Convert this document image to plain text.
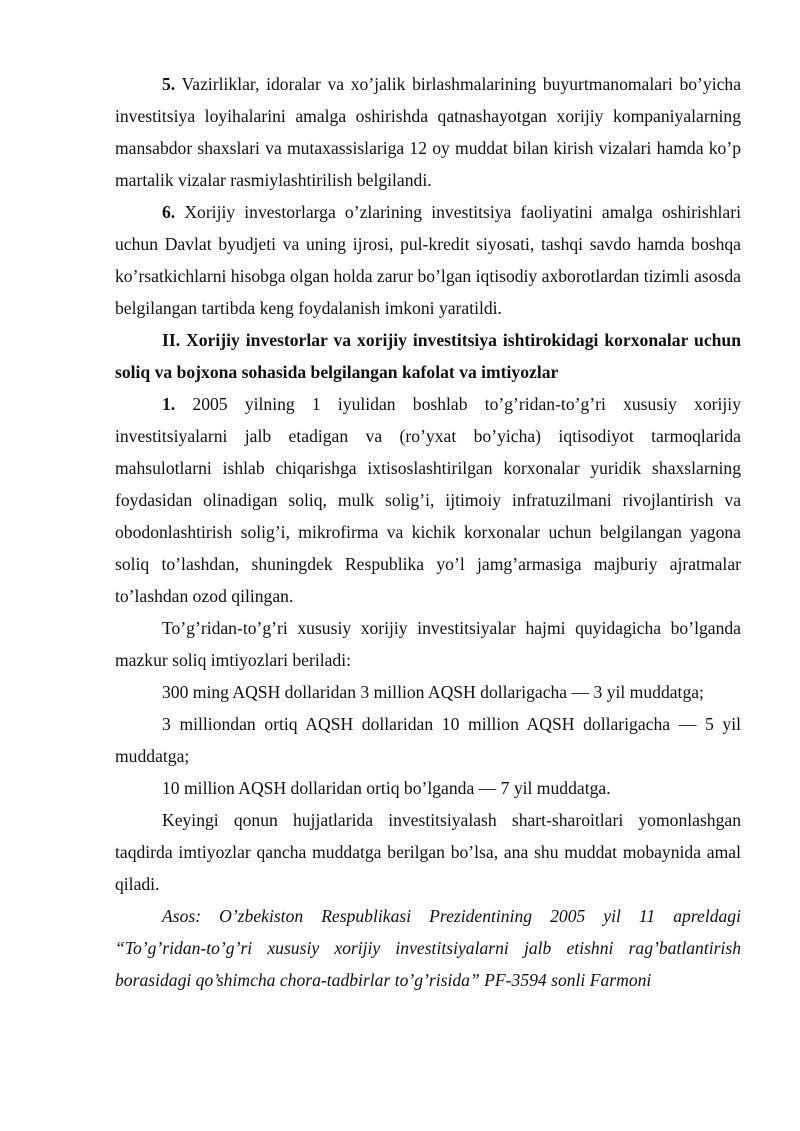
5. Vazirliklar, idoralar va xo’jalik birlashmalarining buyurtmanomalari bo’yicha investitsiya loyihalarini amalga oshirishda qatnashayotgan xorijiy kompaniyalarning mansabdor shaxslari va mutaxassislariga 12 oy muddat bilan kirish vizalari hamda ko’p martalik vizalar rasmiylashtirilish belgilandi.

6. Xorijiy investorlarga o’zlarining investitsiya faoliyatini amalga oshirishlari uchun Davlat byudjeti va uning ijrosi, pul-kredit siyosati, tashqi savdo hamda boshqa ko’rsatkichlarni hisobga olgan holda zarur bo’lgan iqtisodiy axborotlardan tizimli asosda belgilangan tartibda keng foydalanish imkoni yaratildi.

II. Xorijiy investorlar va xorijiy investitsiya ishtirokidagi korxonalar uchun soliq va bojxona sohasida belgilangan kafolat va imtiyozlar

1. 2005 yilning 1 iyulidan boshlab to’g’ridan-to’g’ri xususiy xorijiy investitsiyalarni jalb etadigan va (ro’yxat bo’yicha) iqtisodiyot tarmoqlarida mahsulotlarni ishlab chiqarishga ixtisoslashtirilgan korxonalar yuridik shaxslarning foydasidan olinadigan soliq, mulk solig’i, ijtimoiy infratuzilmani rivojlantirish va obodonlashtirish solig’i, mikrofirma va kichik korxonalar uchun belgilangan yagona soliq to’lashdan, shuningdek Respublika yo’l jamg’armasiga majburiy ajratmalar to’lashdan ozod qilingan.

To’g’ridan-to’g’ri xususiy xorijiy investitsiyalar hajmi quyidagicha bo’lganda mazkur soliq imtiyozlari beriladi:

300 ming AQSH dollaridan 3 million AQSH dollarigacha — 3 yil muddatga;

3 milliondan ortiq AQSH dollaridan 10 million AQSH dollarigacha — 5 yil muddatga;

10 million AQSH dollaridan ortiq bo’lganda — 7 yil muddatga.

Keyingi qonun hujjatlarida investitsiyalash shart-sharoitlari yomonlashgan taqdirda imtiyozlar qancha muddatga berilgan bo’lsa, ana shu muddat mobaynida amal qiladi.

Asos: O’zbekiston Respublikasi Prezidentining 2005 yil 11 apreldagi “To’g’ridan-to’g’ri xususiy xorijiy investitsiyalarni jalb etishni rag’batlantirish borasidagi qo’shimcha chora-tadbirlar to’g’risida” PF-3594 sonli Farmoni
